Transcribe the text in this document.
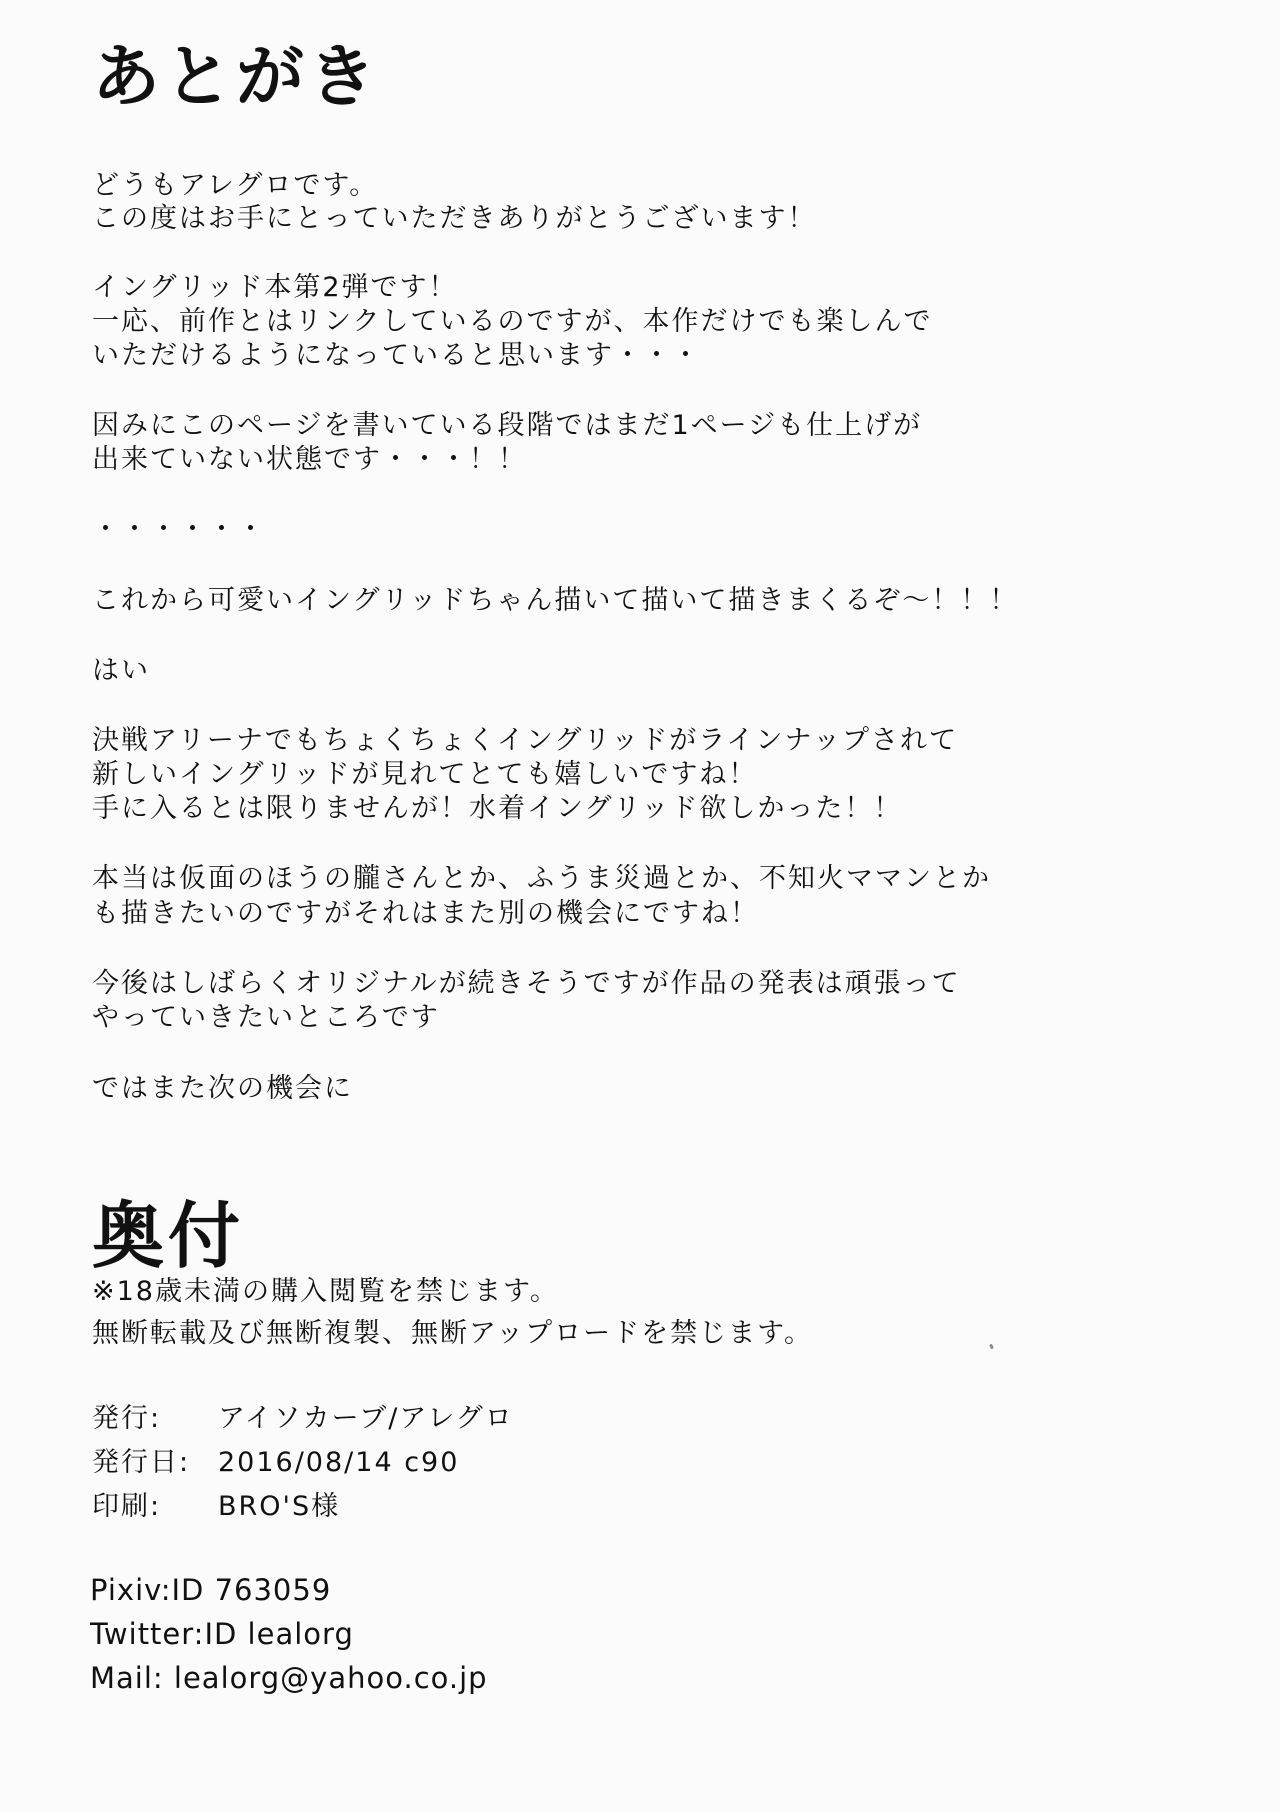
あとがき
どうもアレグロです。
この度はお手にとっていただきありがとうございます！
イングリッド本第2弾です！
一応、前作とはリンクしているのですが、本作だけでも楽しんで
いただけるようになっていると思います・・・
因みにこのページを書いている段階ではまだ1ページも仕上げが
出来ていない状態です・・・！！
・・・・・・
これから可愛いイングリッドちゃん描いて描いて描きまくるぞ～！！！
はい
決戦アリーナでもちょくちょくイングリッドがラインナップされて
新しいイングリッドが見れてとても嬉しいですね！
手に入るとは限りませんが！水着イングリッド欲しかった！！
本当は仮面のほうの朧さんとか、ふうま災過とか、不知火ママンとか
も描きたいのですがそれはまた別の機会にですね！
今後はしばらくオリジナルが続きそうですが作品の発表は頑張って
やっていきたいところです
ではまた次の機会に
奥付
※18歳未満の購入閲覧を禁じます。
無断転載及び無断複製、無断アップロードを禁じます。
発行: アイソカーブ/アレグロ
発行日: 2016/08/14 c90
印刷: BRO'S様
Pixiv:ID 763059
Twitter:ID lealorg
Mail: lealorg@yahoo.co.jp
